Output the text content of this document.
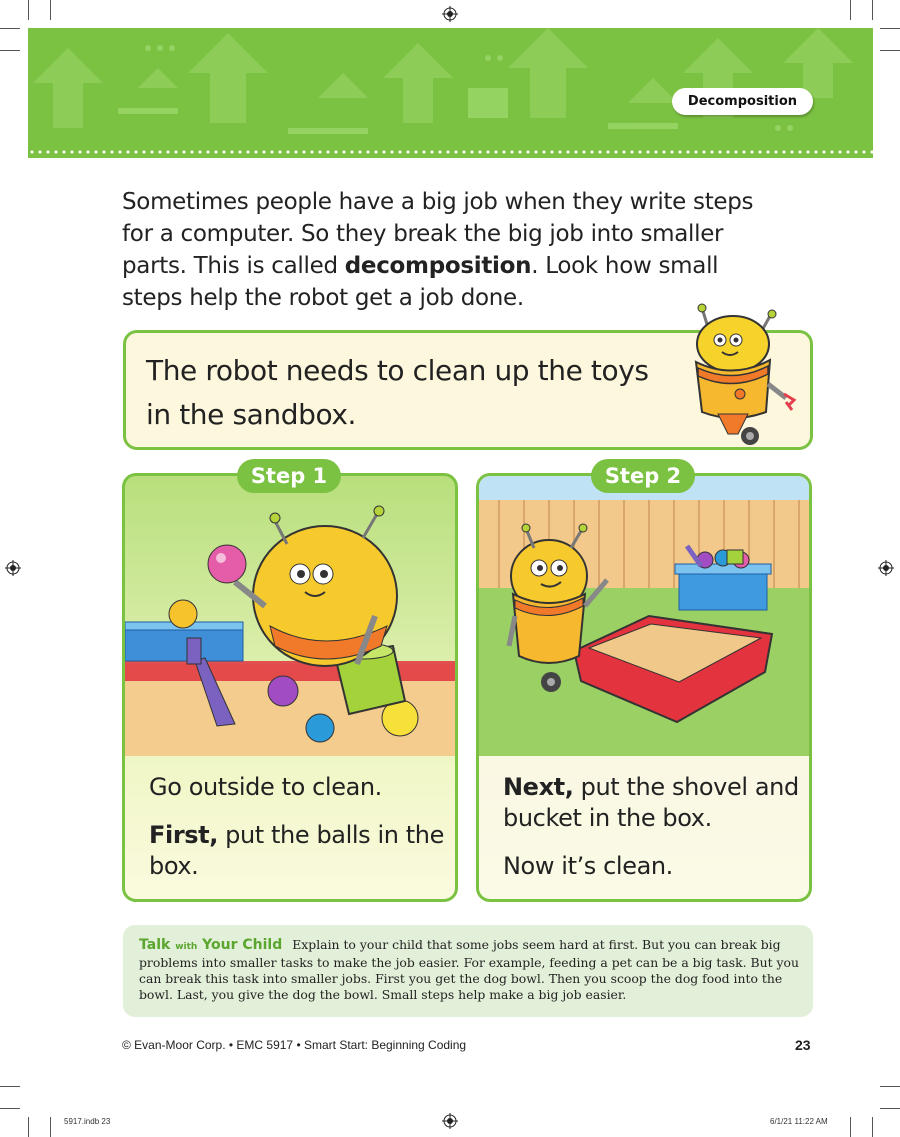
Decomposition
Sometimes people have a big job when they write steps for a computer. So they break the big job into smaller parts. This is called decomposition. Look how small steps help the robot get a job done.
The robot needs to clean up the toys
in the sandbox.
Go outside to clean.
First, put the balls in the
box.
Step 1
Next, put the shovel and
bucket in the box.
Now it’s clean.
Step 2
Talk with Your Child Explain to your child that some jobs seem hard at first. But you can break big problems into smaller tasks to make the job easier. For example, feeding a pet can be a big task. But you can break this task into smaller jobs. First you get the dog bowl. Then you scoop the dog food into the bowl. Last, you give the dog the bowl. Small steps help make a big job easier.
© Evan-Moor Corp. • EMC 5917 • Smart Start: Beginning Coding	23
5917.indb 23	6/1/21 11:22 AM
